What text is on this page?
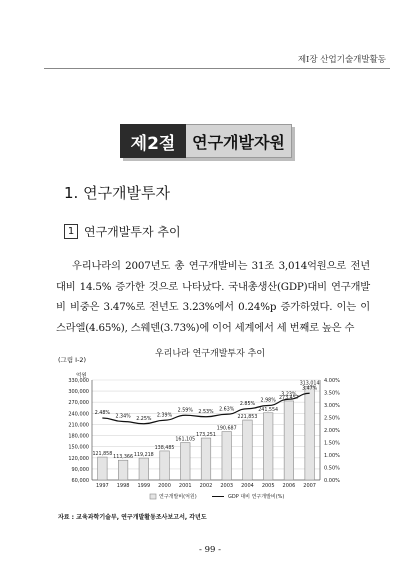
제Ⅰ장 산업기술개발활동
제2절	연구개발자원
1. 연구개발투자
1 연구개발투자 추이

우리나라의 2007년도 총 연구개발비는 31조 3,014억원으로 전년대비 14.5% 증가한 것으로 나타났다. 국내총생산(GDP)대비 연구개발비 비중은 3.47%로 전년도 3.23%에서 0.24%p 증가하였다. 이는 이스라엘(4.65%), 스웨덴(3.73%)에 이어 세계에서 세 번째로 높은 수

우리나라 연구개발투자 추이
(그림 Ⅰ-2)
억원
60,000
90,000
120,000
150,000
180,000
210,000
240,000
270,000
300,000
330,000
0.00%
0.50%
1.00%
1.50%
2.00%
2.50%
3.00%
3.50%
4.00%
121,858
113,366 119,218
138,485
161,105
173,251
190,687
221,853
241,554
273,457
313,014
2.48%
2.34% 2.25%
2.39%
2.59% 2.53% 2.63%
2.85%
2.98%
3.23%
3.47%
1997 1998 1999 2000 2001 2002 2003 2004 2005 2006 2007
연구개발비(억원)	GDP 대비 연구개발비(%)
자료 : 교육과학기술부, 연구개발활동조사보고서, 각년도
- 99 -
